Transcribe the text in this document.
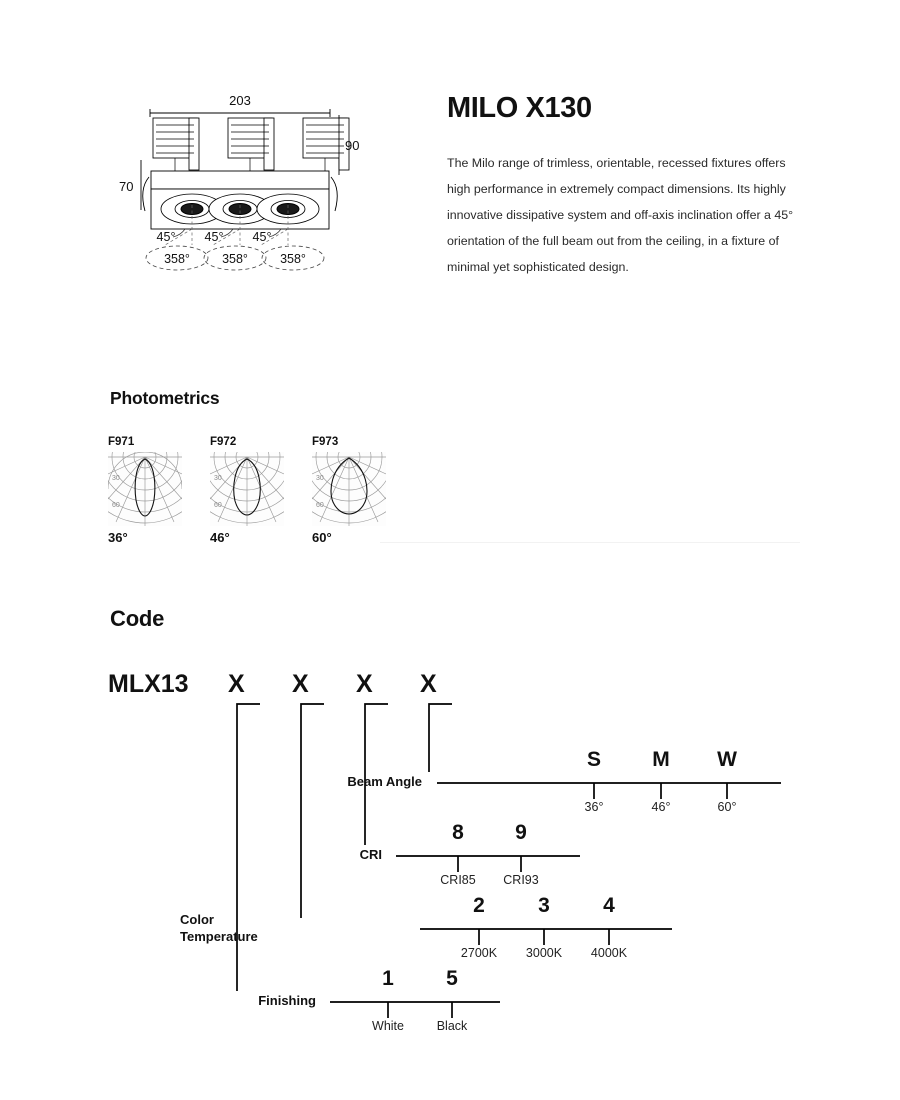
203
90
70
45° 45° 45°
358°	358°	358°
MILO X130
The Milo range of trimless, orientable, recessed fixtures offers high performance in extremely compact dimensions. Its highly innovative dissipative system and off-axis inclination offer a 45° orientation of the full beam out from the ceiling, in a fixture of minimal yet sophisticated design.
Photometrics
F971
30
60
36°
F972
30
60
46°
F973
30
60
60°
Code
MLX13 X X X X
Beam Angle
S	M	W
36°	46°	60°
CRI
8	9
CRI85	CRI93
Color
Temperature
2	3	4
2700K	3000K	4000K
Finishing
1	5
White	Black
